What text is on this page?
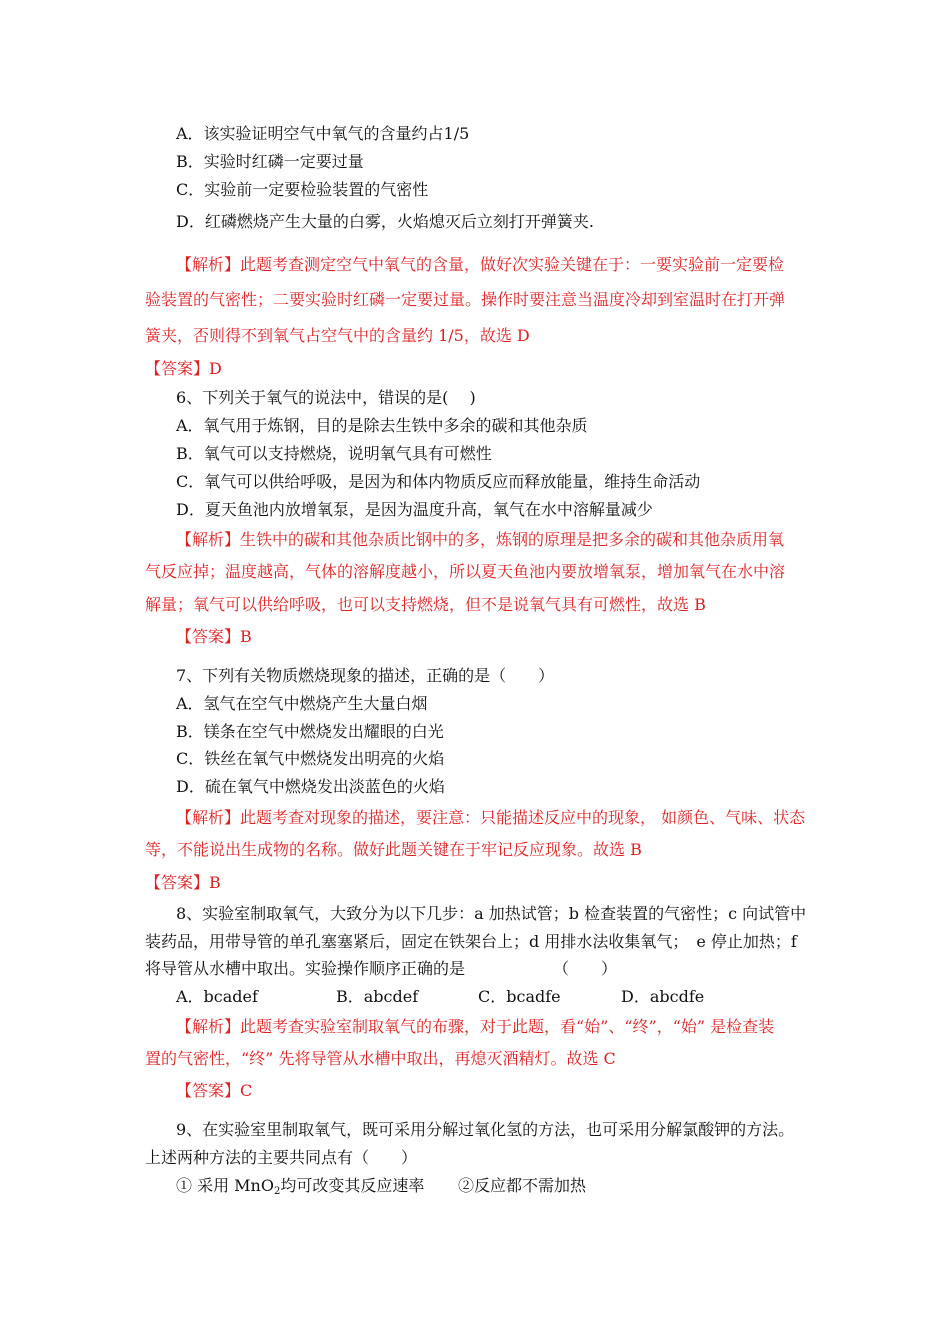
A．该实验证明空气中氧气的含量约占1/5
B．实验时红磷一定要过量
C．实验前一定要检验装置的气密性
D．红磷燃烧产生大量的白雾，火焰熄灭后立刻打开弹簧夹.
【解析】此题考查测定空气中氧气的含量，做好次实验关键在于：一要实验前一定要检
验装置的气密性；二要实验时红磷一定要过量。操作时要注意当温度冷却到室温时在打开弹
簧夹，否则得不到氧气占空气中的含量约 1/5，故选 D
【答案】D
6、下列关于氧气的说法中，错误的是(　 )
A．氧气用于炼钢，目的是除去生铁中多余的碳和其他杂质
B．氧气可以支持燃烧，说明氧气具有可燃性
C．氧气可以供给呼吸，是因为和体内物质反应而释放能量，维持生命活动
D．夏天鱼池内放增氧泵，是因为温度升高，氧气在水中溶解量减少
【解析】生铁中的碳和其他杂质比钢中的多，炼钢的原理是把多余的碳和其他杂质用氧
气反应掉；温度越高，气体的溶解度越小，所以夏天鱼池内要放增氧泵，增加氧气在水中溶
解量；氧气可以供给呼吸，也可以支持燃烧，但不是说氧气具有可燃性，故选 B
【答案】B
7、下列有关物质燃烧现象的描述，正确的是（　　）
A．氢气在空气中燃烧产生大量白烟
B．镁条在空气中燃烧发出耀眼的白光
C．铁丝在氧气中燃烧发出明亮的火焰
D．硫在氧气中燃烧发出淡蓝色的火焰
【解析】此题考查对现象的描述，要注意：只能描述反应中的现象， 如颜色、气味、状态
等，不能说出生成物的名称。做好此题关键在于牢记反应现象。故选 B
【答案】B
8、实验室制取氧气，大致分为以下几步：a 加热试管；b 检查装置的气密性；c 向试管中
装药品，用带导管的单孔塞塞紧后，固定在铁架台上；d 用排水法收集氧气；　e 停止加热；f
将导管从水槽中取出。实验操作顺序正确的是　　　　　　（　　）
A．bcadef	B．abcdef	C．bcadfe	D．abcdfe
【解析】此题考查实验室制取氧气的布骤，对于此题，看“始”、“终”，“始” 是检查装
置的气密性，“终” 先将导管从水槽中取出，再熄灭酒精灯。故选 C
【答案】C
9、在实验室里制取氧气，既可采用分解过氧化氢的方法，也可采用分解氯酸钾的方法。
上述两种方法的主要共同点有（　　）
① 采用 MnO$_2$均可改变其反应速率 ②反应都不需加热
